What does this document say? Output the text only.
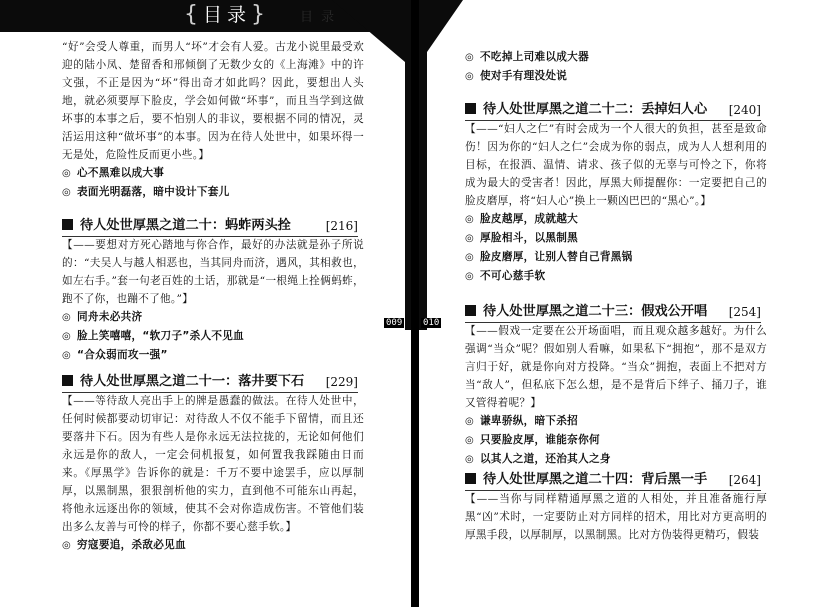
{目录} 目 录

“好”会受人尊重，而男人“坏”才会有人爱。古龙小说里最受欢迎的陆小凤、楚留香和邢倾倒了无数少女的《上海滩》中的许文强，不正是因为“坏”得出奇才如此吗？因此，要想出人头地，就必须要厚下脸皮，学会如何做“坏事”，而且当学到这做坏事的本事之后，要不怕别人的非议，要根据不同的情况，灵活运用这种“做坏事”的本事。因为在待人处世中，如果坏得一无是处，危险性反而更小些。】

◎ 心不黑难以成大事
◎ 表面光明磊落，暗中设计下套儿
待人处世厚黑之道二十：蚂蚱两头拴	[216]

【——要想对方死心踏地与你合作，最好的办法就是孙子所说的：“夫吴人与越人相恶也，当其同舟而济，遇风，其相救也，如左右手。”套一句老百姓的土话，那就是“一根绳上拴俩蚂蚱，跑不了你，也蹦不了他。”】

◎ 同舟未必共济
◎ 脸上笑嘻嘻，“软刀子”杀人不见血
◎ “合众弱而攻一强”
待人处世厚黑之道二十一：落井要下石 [229]

【——等待敌人亮出手上的牌是愚蠢的做法。在待人处世中，任何时候都要动切审记：对待敌人不仅不能手下留情，而且还要落井下石。因为有些人是你永远无法拉拢的，无论如何他们永远是你的敌人，一定会伺机报复，如何置我我踩随由日而来。《厚黑学》告诉你的就是：千万不要中途罢手，应以厚制厚，以黑制黑，狠狠剖析他的实力，直到他不可能东山再起，将他永远逐出你的领域，使其不会对你造成伤害。不管他们装出多么友善与可怜的样子，你都不要心慈手软。】

◎ 穷寇要追，杀敌必见血
009
◎ 不吃掉上司难以成大器
◎ 使对手有理没处说
待人处世厚黑之道二十二：丢掉妇人心 [240]

【——“妇人之仁”有时会成为一个人很大的负担，甚至是致命伤！因为你的“妇人之仁”会成为你的弱点，成为人人想利用的目标，在报酒、温情、请求、孩子似的无辜与可怜之下，你将成为最大的受害者！因此，厚黑大师提醒你：一定要把自己的脸皮磨厚，将“妇人心”换上一颗凶巴巴的“黑心”。】

◎ 脸皮越厚，成就越大
◎ 厚脸相斗，以黑制黑
◎ 脸皮磨厚，让别人替自己背黑锅
◎ 不可心慈手软
待人处世厚黑之道二十三：假戏公开唱 [254]

【——假戏一定要在公开场面唱，而且观众越多越好。为什么强调“当众”呢？假如别人看嘛，如果私下“拥抱”，那不是双方言归于好，就是你向对方投降。“当众”拥抱，表面上不把对方当“敌人”，但私底下怎么想，是不是背后下绊子、捅刀子，谁又管得着呢？】

◎ 谦卑骄纵，暗下杀招
◎ 只要脸皮厚，谁能奈你何
◎ 以其人之道，还治其人之身
待人处世厚黑之道二十四：背后黑一手 [264]

【——当你与同样精通厚黑之道的人相处，并且准备施行厚黑“凶”术时，一定要防止对方同样的招术，用比对方更高明的厚黑手段，以厚制厚，以黑制黑。比对方伪装得更精巧，假装

010
